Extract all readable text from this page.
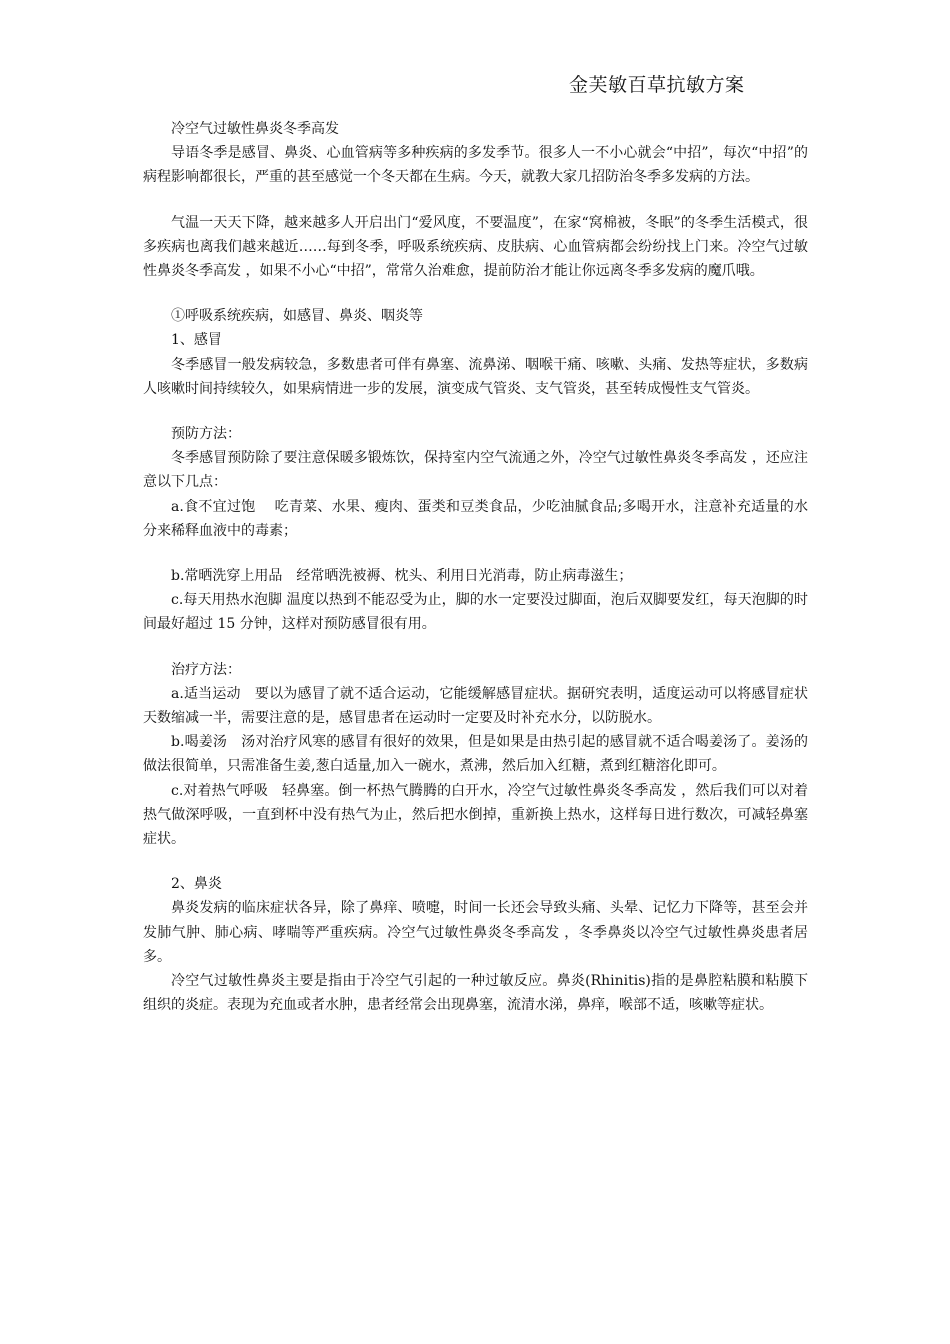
金芙敏百草抗敏方案

冷空气过敏性鼻炎冬季高发

导语冬季是感冒、鼻炎、心血管病等多种疾病的多发季节。很多人一不小心就会“中招”，每次“中招”的病程影响都很长，严重的甚至感觉一个冬天都在生病。今天，就教大家几招防治冬季多发病的方法。

气温一天天下降，越来越多人开启出门“爱风度，不要温度”，在家“窝棉被，冬眠”的冬季生活模式，很多疾病也离我们越来越近……每到冬季，呼吸系统疾病、皮肤病、心血管病都会纷纷找上门来。冷空气过敏性鼻炎冬季高发 ，如果不小心“中招”，常常久治难愈，提前防治才能让你远离冬季多发病的魔爪哦。

①呼吸系统疾病，如感冒、鼻炎、咽炎等

1、感冒

冬季感冒一般发病较急，多数患者可伴有鼻塞、流鼻涕、咽喉干痛、咳嗽、头痛、发热等症状，多数病人咳嗽时间持续较久，如果病情进一步的发展，演变成气管炎、支气管炎，甚至转成慢性支气管炎。

预防方法：

冬季感冒预防除了要注意保暖多锻炼饮，保持室内空气流通之外，冷空气过敏性鼻炎冬季高发 ，还应注意以下几点：

a.食不宜过饱　 吃青菜、水果、瘦肉、蛋类和豆类食品，少吃油腻食品;多喝开水，注意补充适量的水分来稀释血液中的毒素；

b.常晒洗穿上用品　经常晒洗被褥、枕头、利用日光消毒，防止病毒滋生；

c.每天用热水泡脚 温度以热到不能忍受为止，脚的水一定要没过脚面，泡后双脚要发红，每天泡脚的时间最好超过 15 分钟，这样对预防感冒很有用。

治疗方法：

a.适当运动　要以为感冒了就不适合运动，它能缓解感冒症状。据研究表明，适度运动可以将感冒症状天数缩减一半，需要注意的是，感冒患者在运动时一定要及时补充水分，以防脱水。

b.喝姜汤　汤对治疗风寒的感冒有很好的效果，但是如果是由热引起的感冒就不适合喝姜汤了。姜汤的做法很简单，只需准备生姜,葱白适量,加入一碗水，煮沸，然后加入红糖，煮到红糖溶化即可。

c.对着热气呼吸　轻鼻塞。倒一杯热气腾腾的白开水，冷空气过敏性鼻炎冬季高发 ，然后我们可以对着热气做深呼吸，一直到杯中没有热气为止，然后把水倒掉，重新换上热水，这样每日进行数次，可减轻鼻塞症状。

2、鼻炎

鼻炎发病的临床症状各异，除了鼻痒、喷嚏，时间一长还会导致头痛、头晕、记忆力下降等，甚至会并发肺气肿、肺心病、哮喘等严重疾病。冷空气过敏性鼻炎冬季高发 ，冬季鼻炎以冷空气过敏性鼻炎患者居多。

冷空气过敏性鼻炎主要是指由于冷空气引起的一种过敏反应。鼻炎(Rhinitis)指的是鼻腔粘膜和粘膜下组织的炎症。表现为充血或者水肿，患者经常会出现鼻塞，流清水涕，鼻痒，喉部不适，咳嗽等症状。
